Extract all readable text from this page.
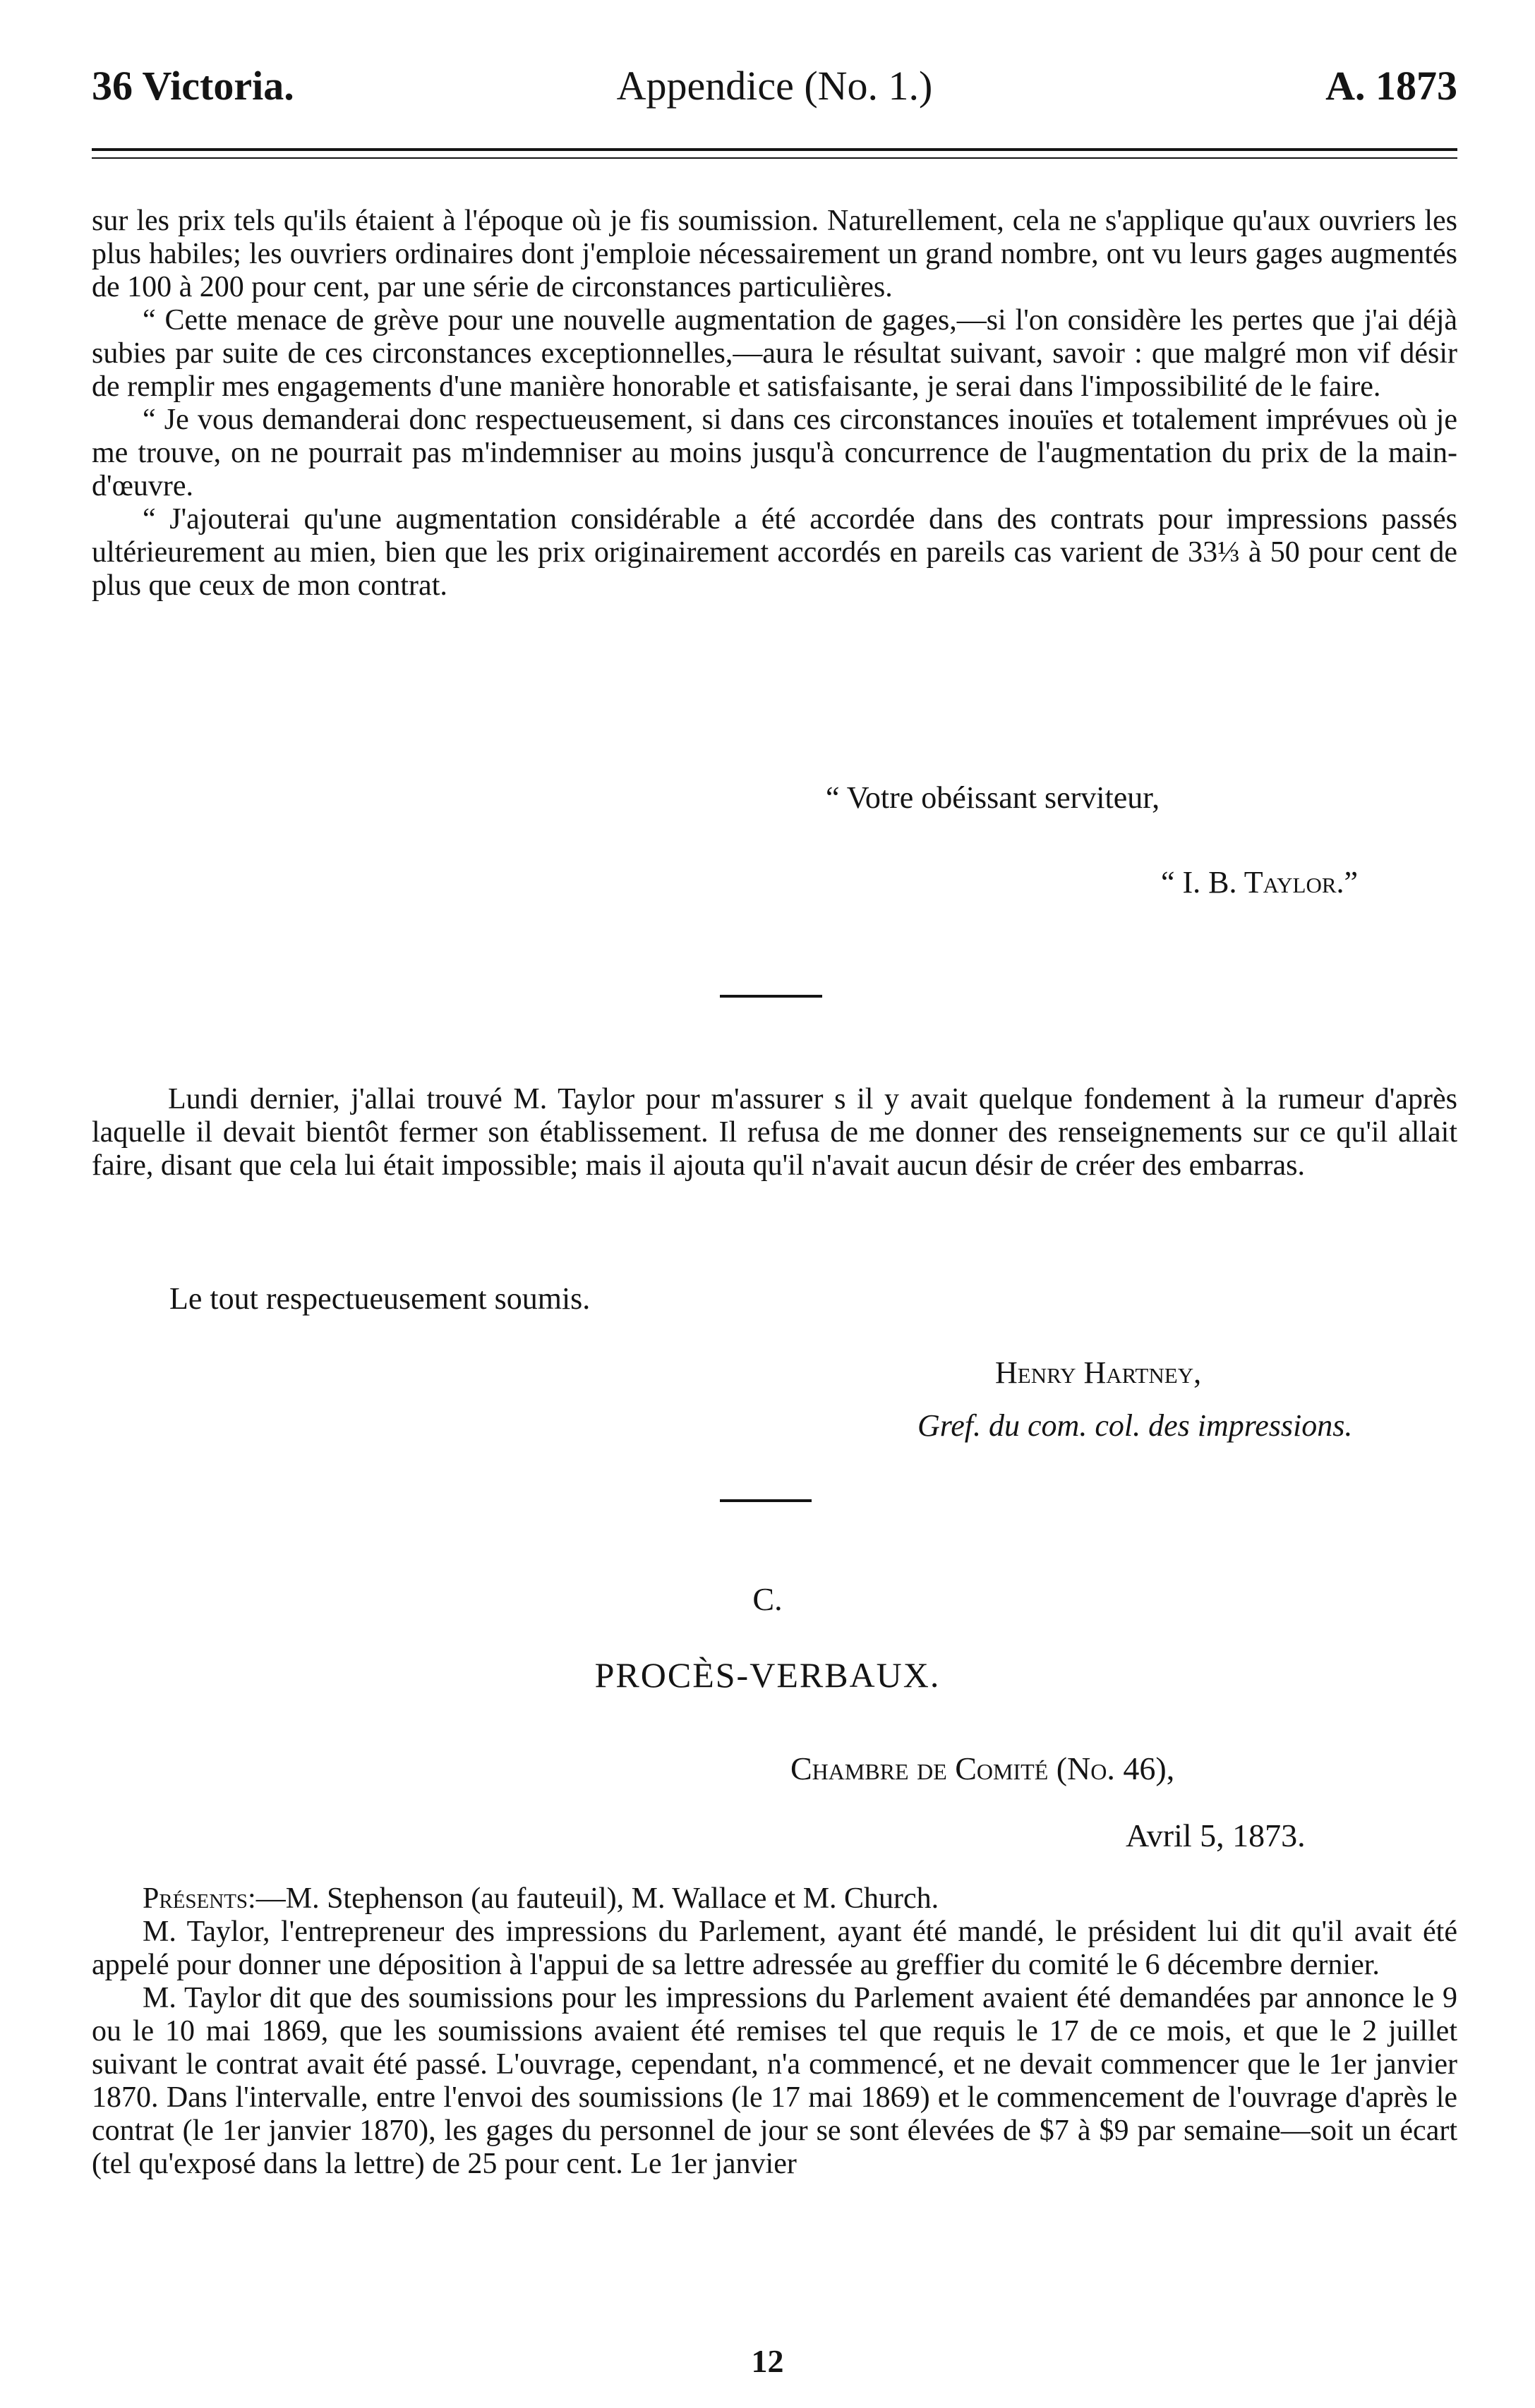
36 Victoria.	Appendice (No. 1.)	A. 1873

sur les prix tels qu'ils étaient à l'époque où je fis soumission. Naturellement, cela ne s'applique qu'aux ouvriers les plus habiles; les ouvriers ordinaires dont j'emploie nécessairement un grand nombre, ont vu leurs gages augmentés de 100 à 200 pour cent, par une série de circonstances particulières.

“ Cette menace de grève pour une nouvelle augmentation de gages,—si l'on considère les pertes que j'ai déjà subies par suite de ces circonstances exceptionnelles,—aura le résultat suivant, savoir : que malgré mon vif désir de remplir mes engagements d'une manière honorable et satisfaisante, je serai dans l'impossibilité de le faire.

“ Je vous demanderai donc respectueusement, si dans ces circonstances inouïes et totalement imprévues où je me trouve, on ne pourrait pas m'indemniser au moins jusqu'à concurrence de l'augmentation du prix de la main-d'œuvre.

“ J'ajouterai qu'une augmentation considérable a été accordée dans des contrats pour impressions passés ultérieurement au mien, bien que les prix originairement accordés en pareils cas varient de 33⅓ à 50 pour cent de plus que ceux de mon contrat.

“ Votre obéissant serviteur,
“ I. B. Taylor.”

Lundi dernier, j'allai trouvé M. Taylor pour m'assurer s il y avait quelque fondement à la rumeur d'après laquelle il devait bientôt fermer son établissement. Il refusa de me donner des renseignements sur ce qu'il allait faire, disant que cela lui était impossible; mais il ajouta qu'il n'avait aucun désir de créer des embarras.

Le tout respectueusement soumis.
Henry Hartney,
Gref. du com. col. des impressions.
C.
PROCÈS-VERBAUX.
Chambre de Comité (No. 46),
Avril 5, 1873.

Présents:—M. Stephenson (au fauteuil), M. Wallace et M. Church.

M. Taylor, l'entrepreneur des impressions du Parlement, ayant été mandé, le président lui dit qu'il avait été appelé pour donner une déposition à l'appui de sa lettre adressée au greffier du comité le 6 décembre dernier.

M. Taylor dit que des soumissions pour les impressions du Parlement avaient été demandées par annonce le 9 ou le 10 mai 1869, que les soumissions avaient été remises tel que requis le 17 de ce mois, et que le 2 juillet suivant le contrat avait été passé. L'ouvrage, cependant, n'a commencé, et ne devait commencer que le 1er janvier 1870. Dans l'intervalle, entre l'envoi des soumissions (le 17 mai 1869) et le commencement de l'ouvrage d'après le contrat (le 1er janvier 1870), les gages du personnel de jour se sont élevées de $7 à $9 par semaine—soit un écart (tel qu'exposé dans la lettre) de 25 pour cent. Le 1er janvier

12
